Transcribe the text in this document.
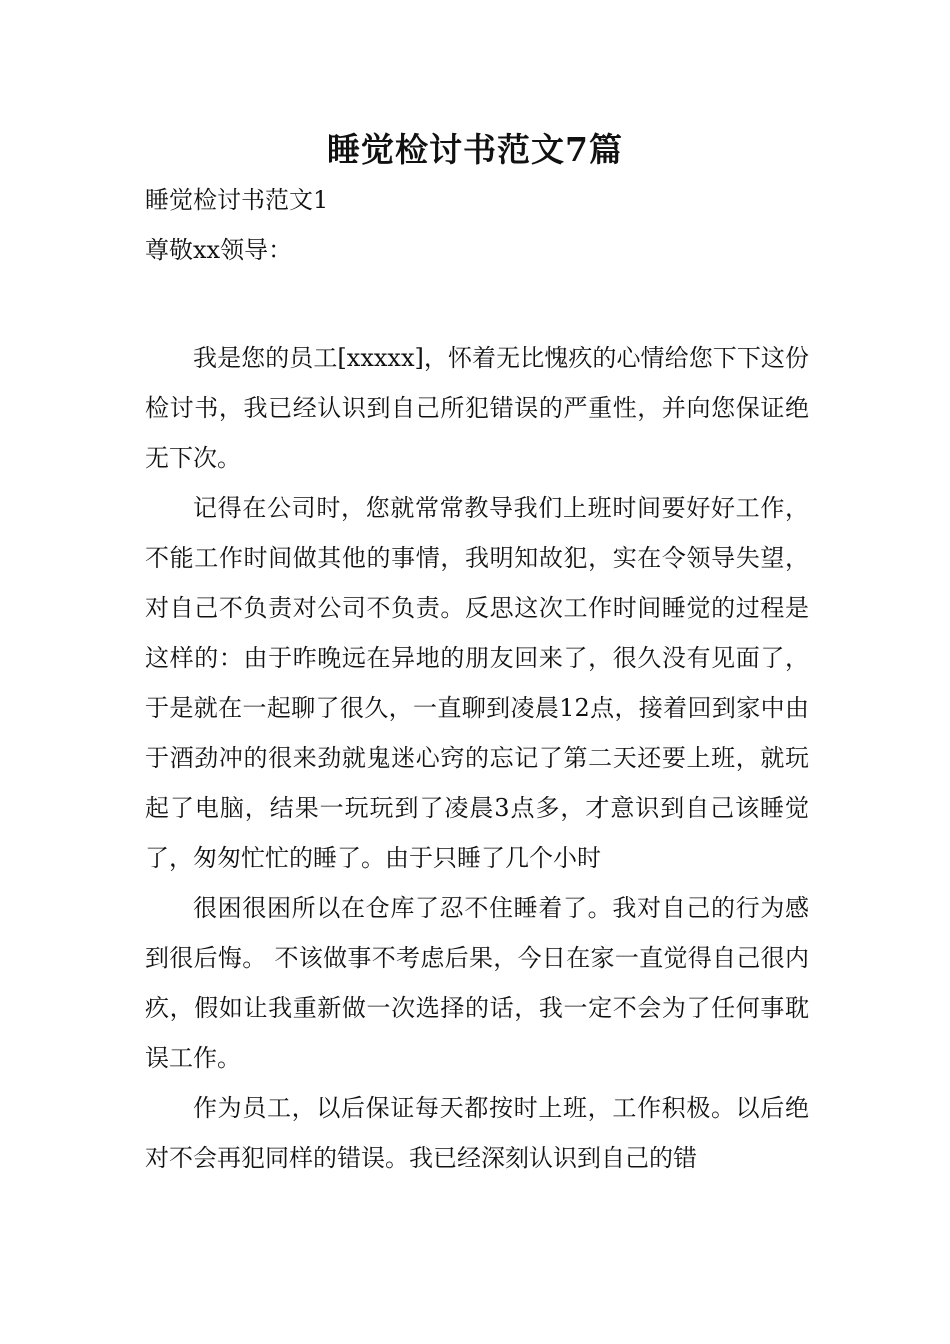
睡觉检讨书范文7篇
睡觉检讨书范文1
尊敬xx领导：

我是您的员工[xxxxx]，怀着无比愧疚的心情给您下下这份检讨书，我已经认识到自己所犯错误的严重性，并向您保证绝无下次。

记得在公司时，您就常常教导我们上班时间要好好工作，不能工作时间做其他的事情，我明知故犯，实在令领导失望，对自己不负责对公司不负责。反思这次工作时间睡觉的过程是这样的：由于昨晚远在异地的朋友回来了，很久没有见面了，于是就在一起聊了很久，一直聊到凌晨12点，接着回到家中由于酒劲冲的很来劲就鬼迷心窍的忘记了第二天还要上班，就玩起了电脑，结果一玩玩到了凌晨3点多，才意识到自己该睡觉了，匆匆忙忙的睡了。由于只睡了几个小时

很困很困所以在仓库了忍不住睡着了。我对自己的行为感到很后悔。 不该做事不考虑后果，今日在家一直觉得自己很内疚，假如让我重新做一次选择的话，我一定不会为了任何事耽误工作。

作为员工，以后保证每天都按时上班，工作积极。以后绝对不会再犯同样的错误。我已经深刻认识到自己的错
